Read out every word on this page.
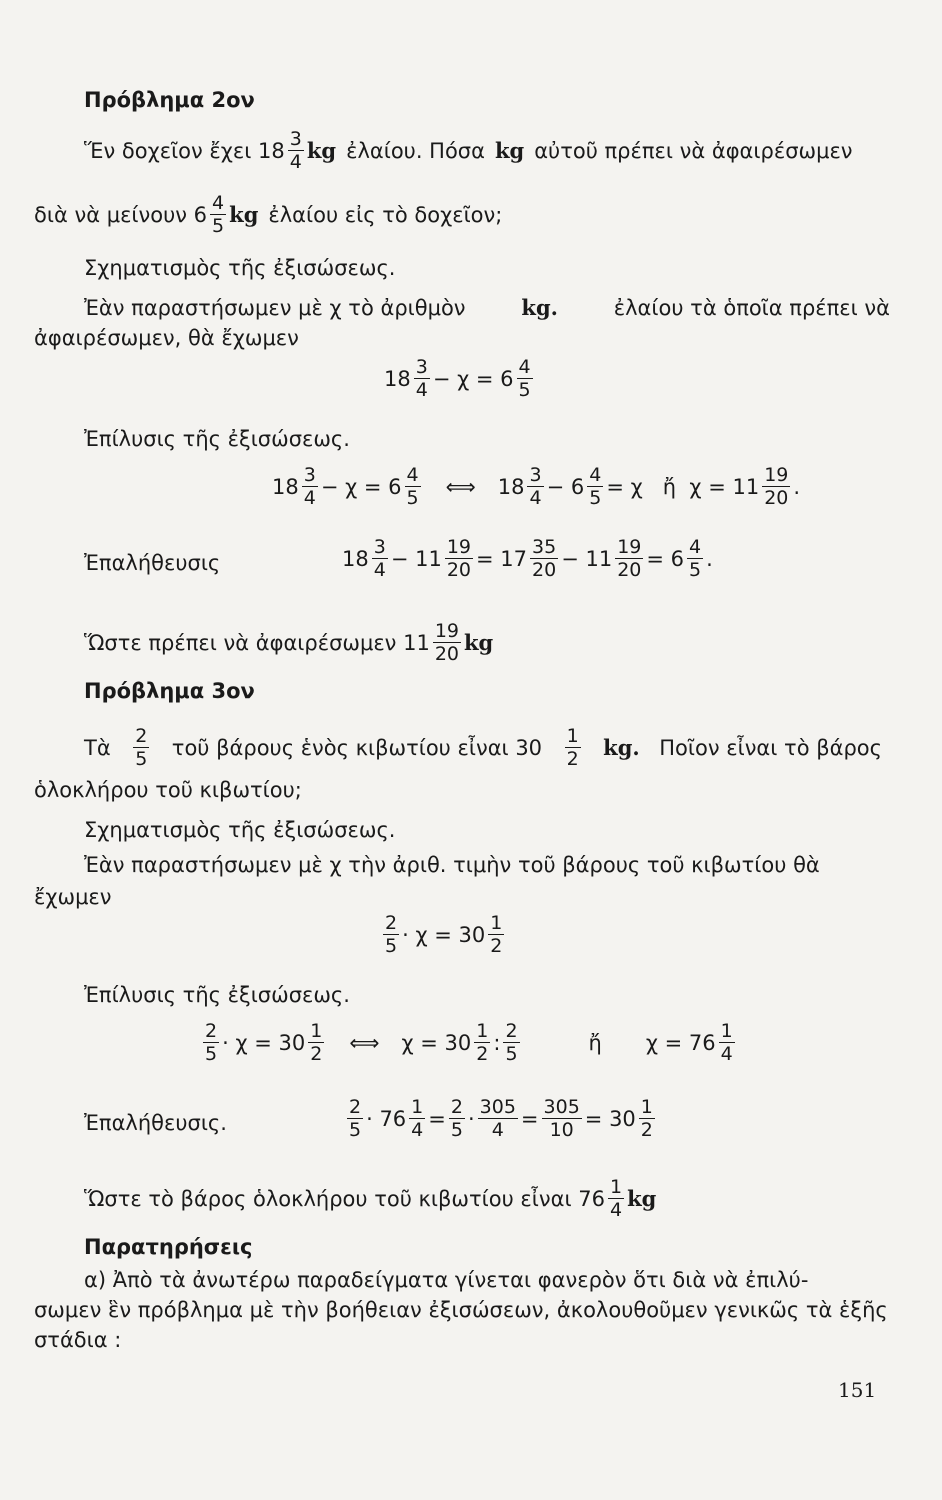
Πρόβλημα 2ον
Ἕν δοχεῖον ἔχει $18 \frac{3}{4}$ kg ἐλαίου. Πόσα kg αὐτοῦ πρέπει νὰ ἀφαιρέσωμεν
διὰ νὰ μείνουν $6 \frac{4}{5}$ kg ἐλαίου εἰς τὸ δοχεῖον;
Σχηματισμὸς τῆς ἐξισώσεως.
Ἐὰν παραστήσωμεν μὲ χ τὸ ἀριθμὸν	kg.	ἐλαίου τὰ ὁποῖα πρέπει νὰ
ἀφαιρέσωμεν, θὰ ἔχωμεν
$18 \frac{3}{4} - \chi = 6 \frac{4}{5}$
Ἐπίλυσις τῆς ἐξισώσεως.
$18 \frac{3}{4} - \chi = 6 \frac{4}{5}$ ⟺ $18 \frac{3}{4} - 6 \frac{4}{5} = \chi$   ἤ  $\chi = 11 \frac{19}{20}$ .
Ἐπαλήθευσις	$18 \frac{3}{4} - 11 \frac{19}{20} = 17 \frac{35}{20} - 11 \frac{19}{20} = 6 \frac{4}{5}$ .
Ὥστε πρέπει νὰ ἀφαιρέσωμεν $11 \frac{19}{20}$ kg
Πρόβλημα 3ον
Τὰ $\frac{2}{5}$ τοῦ βάρους ἑνὸς κιβωτίου εἶναι $30 \frac{1}{2}$ kg. Ποῖον εἶναι τὸ βάρος
ὁλοκλήρου τοῦ κιβωτίου;
Σχηματισμὸς τῆς ἐξισώσεως.
Ἐὰν παραστήσωμεν μὲ χ τὴν ἀριθ. τιμὴν τοῦ βάρους τοῦ κιβωτίου θὰ
ἔχωμεν
$\frac{2}{5} \cdot \chi = 30 \frac{1}{2}$
Ἐπίλυσις τῆς ἐξισώσεως.
$\frac{2}{5} \cdot \chi = 30 \frac{1}{2}$ ⟺ $\chi = 30 \frac{1}{2}$ : $\frac{2}{5}$	ἤ $\chi = 76 \frac{1}{4}$
Ἐπαλήθευσις.	$\frac{2}{5} \cdot 76 \frac{1}{4} = \frac{2}{5} \cdot \frac{305}{4} = \frac{305}{10} = 30 \frac{1}{2}$
Ὥστε τὸ βάρος ὁλοκλήρου τοῦ κιβωτίου εἶναι $76 \frac{1}{4}$ kg
Παρατηρήσεις
α) Ἀπὸ τὰ ἀνωτέρω παραδείγματα γίνεται φανερὸν ὅτι διὰ νὰ ἐπιλύ-
σωμεν ἓν πρόβλημα μὲ τὴν βοήθειαν ἐξισώσεων, ἀκολουθοῦμεν γενικῶς τὰ ἑξῆς
στάδια :
151
